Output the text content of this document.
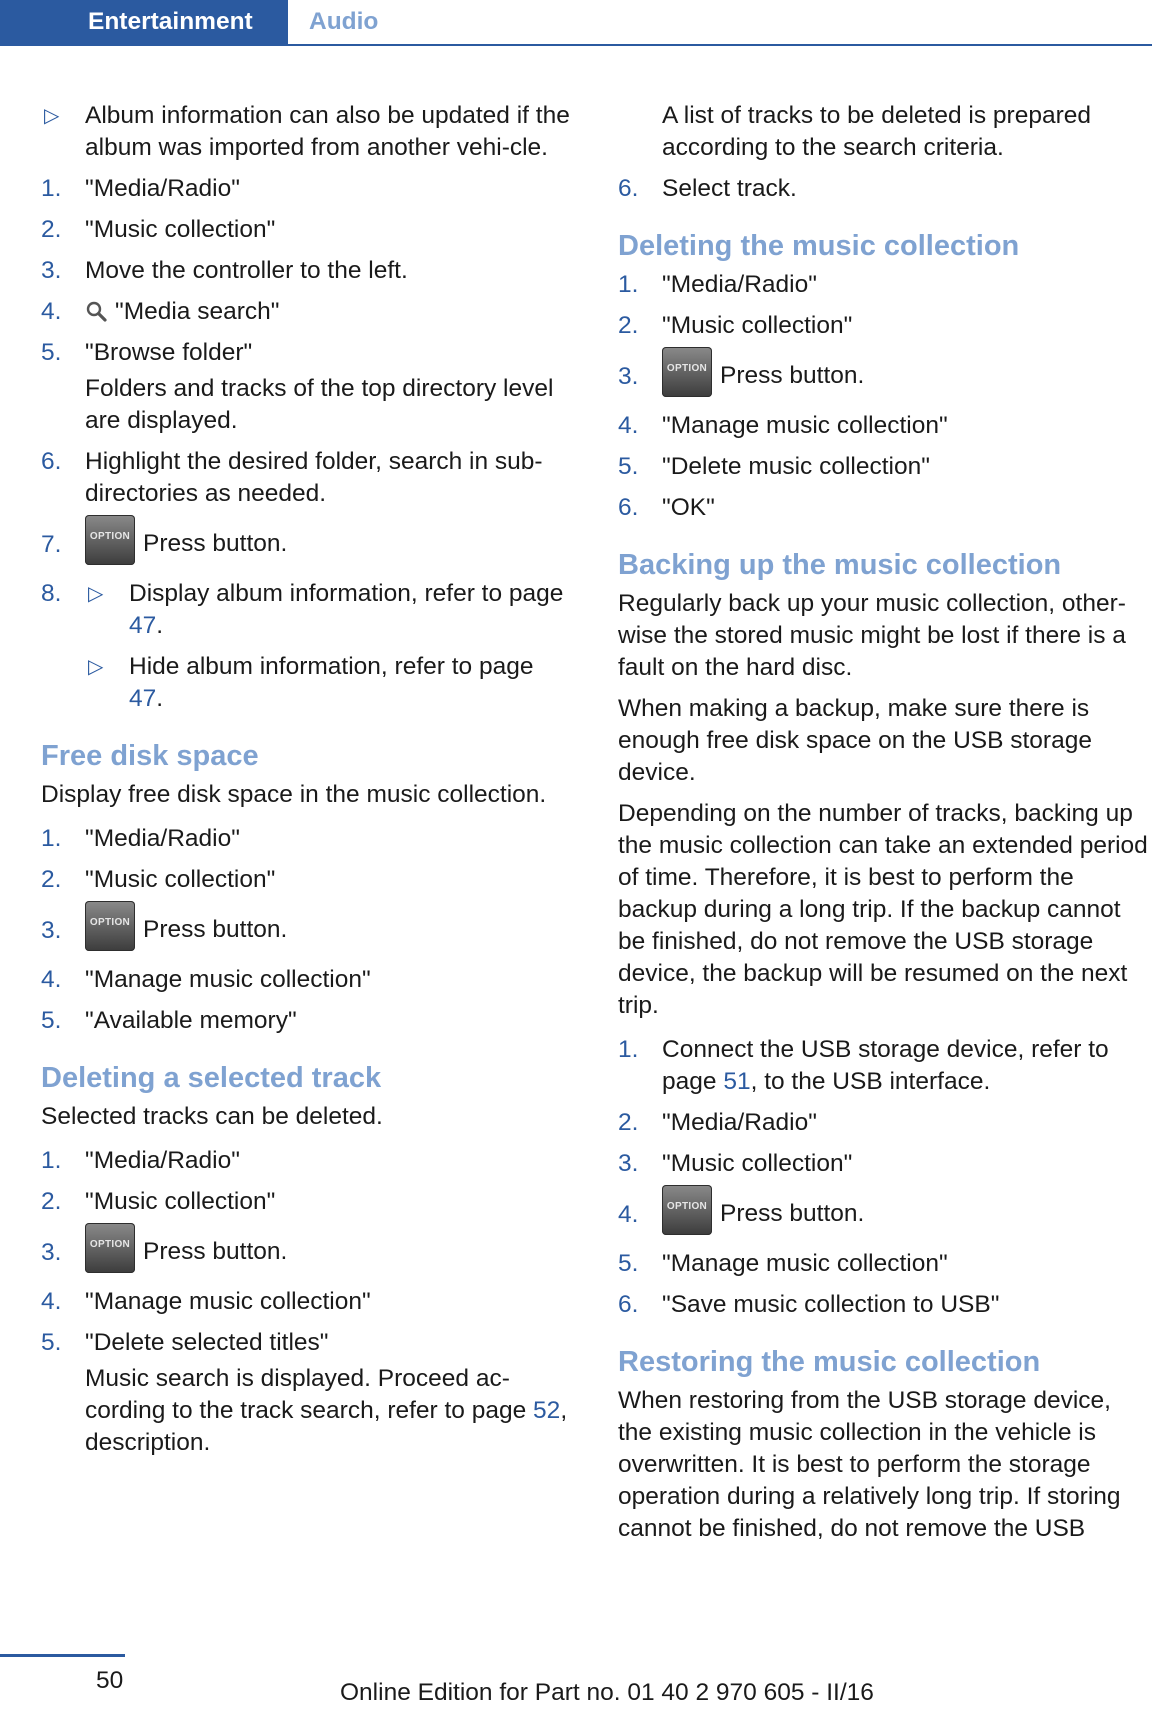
Entertainment	Audio
▷ Album information can also be updated if the album was imported from another vehi-cle.
1. "Media/Radio"
2. "Music collection"
3. Move the controller to the left.
4. "Media search"
5. "Browse folder"
Folders and tracks of the top directory level are displayed.
6. Highlight the desired folder, search in sub-directories as needed.
7.	OPTION Press button.
8. ▷ Display album information, refer to page 47.
▷ Hide album information, refer to page 47.
Free disk space
Display free disk space in the music collection.
1. "Media/Radio"
2. "Music collection"
3.	OPTION Press button.
4. "Manage music collection"
5. "Available memory"
Deleting a selected track
Selected tracks can be deleted.
1. "Media/Radio"
2. "Music collection"
3.	OPTION Press button.
4. "Manage music collection"
5. "Delete selected titles"
Music search is displayed. Proceed ac-cording to the track search, refer to page 52, description.
A list of tracks to be deleted is prepared according to the search criteria.
6. Select track.
Deleting the music collection
1. "Media/Radio"
2. "Music collection"
3.	OPTION Press button.
4. "Manage music collection"
5. "Delete music collection"
6. "OK"
Backing up the music collection
Regularly back up your music collection, other-wise the stored music might be lost if there is a fault on the hard disc.
When making a backup, make sure there is enough free disk space on the USB storage device.
Depending on the number of tracks, backing up the music collection can take an extended period of time. Therefore, it is best to perform the backup during a long trip. If the backup cannot be finished, do not remove the USB storage device, the backup will be resumed on the next trip.
1. Connect the USB storage device, refer to page 51, to the USB interface.
2. "Media/Radio"
3. "Music collection"
4.	OPTION Press button.
5. "Manage music collection"
6. "Save music collection to USB"
Restoring the music collection
When restoring from the USB storage device, the existing music collection in the vehicle is overwritten. It is best to perform the storage operation during a relatively long trip. If storing cannot be finished, do not remove the USB
50	Online Edition for Part no. 01 40 2 970 605 - II/16
